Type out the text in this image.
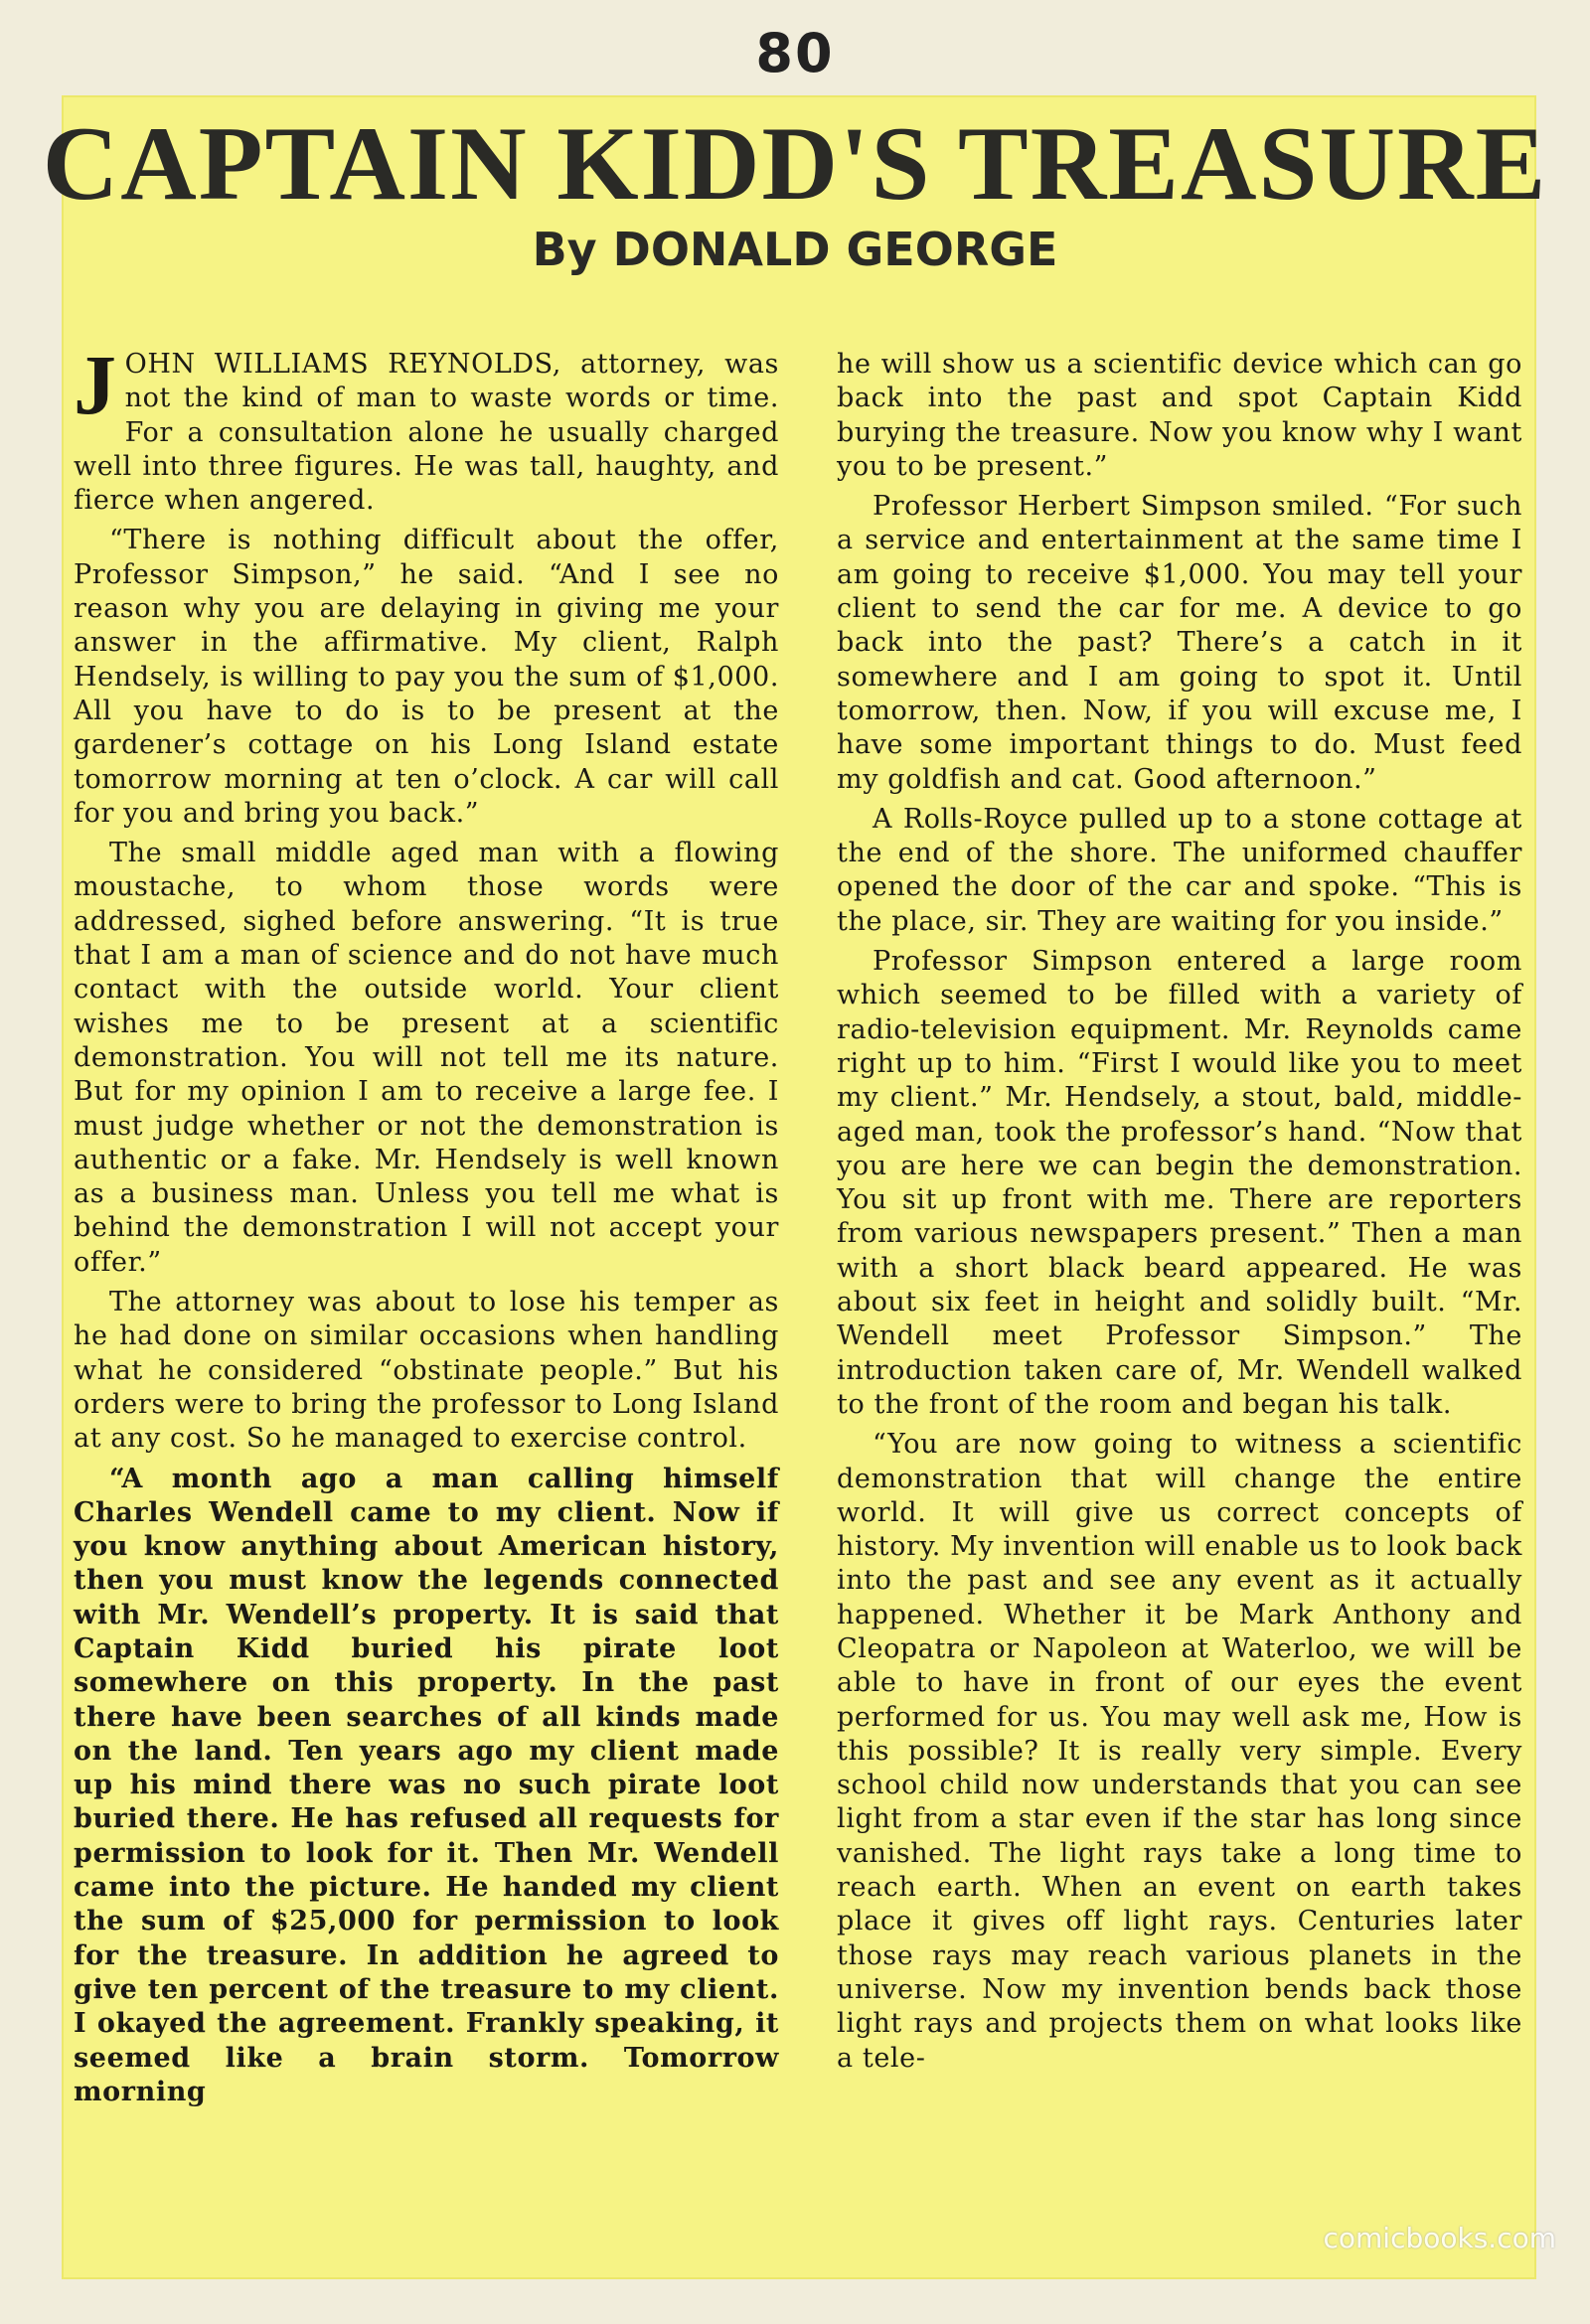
80
CAPTAIN KIDD'S TREASURE
By DONALD GEORGE

JOHN WILLIAMS REYNOLDS, attorney, was not the kind of man to waste words or time. For a consultation alone he usually charged well into three figures. He was tall, haughty, and fierce when angered.

“There is nothing difficult about the offer, Professor Simpson,” he said. “And I see no reason why you are delaying in giving me your answer in the affirmative. My client, Ralph Hendsely, is willing to pay you the sum of $1,000. All you have to do is to be present at the gardener’s cottage on his Long Island estate tomorrow morning at ten o’clock. A car will call for you and bring you back.”

The small middle aged man with a flowing moustache, to whom those words were addressed, sighed before answering. “It is true that I am a man of science and do not have much contact with the outside world. Your client wishes me to be present at a scientific demonstration. You will not tell me its nature. But for my opinion I am to receive a large fee. I must judge whether or not the demonstration is authentic or a fake. Mr. Hendsely is well known as a business man. Unless you tell me what is behind the demonstration I will not accept your offer.”

The attorney was about to lose his temper as he had done on similar occasions when handling what he considered “obstinate people.” But his orders were to bring the professor to Long Island at any cost. So he managed to exercise control.

“A month ago a man calling himself Charles Wendell came to my client. Now if you know anything about American history, then you must know the legends connected with Mr. Wendell’s property. It is said that Captain Kidd buried his pirate loot somewhere on this property. In the past there have been searches of all kinds made on the land. Ten years ago my client made up his mind there was no such pirate loot buried there. He has refused all requests for permission to look for it. Then Mr. Wendell came into the picture. He handed my client the sum of $25,000 for permission to look for the treasure. In addition he agreed to give ten percent of the treasure to my client. I okayed the agreement. Frankly speaking, it seemed like a brain storm. Tomorrow morning

he will show us a scientific device which can go back into the past and spot Captain Kidd burying the treasure. Now you know why I want you to be present.”

Professor Herbert Simpson smiled. “For such a service and entertainment at the same time I am going to receive $1,000. You may tell your client to send the car for me. A device to go back into the past? There’s a catch in it somewhere and I am going to spot it. Until tomorrow, then. Now, if you will excuse me, I have some important things to do. Must feed my goldfish and cat. Good afternoon.”

A Rolls-Royce pulled up to a stone cottage at the end of the shore. The uniformed chauffer opened the door of the car and spoke. “This is the place, sir. They are waiting for you inside.”

Professor Simpson entered a large room which seemed to be filled with a variety of radio-television equipment. Mr. Reynolds came right up to him. “First I would like you to meet my client.” Mr. Hendsely, a stout, bald, middle-aged man, took the professor’s hand. “Now that you are here we can begin the demonstration. You sit up front with me. There are reporters from various newspapers present.” Then a man with a short black beard appeared. He was about six feet in height and solidly built. “Mr. Wendell meet Professor Simpson.” The introduction taken care of, Mr. Wendell walked to the front of the room and began his talk.

“You are now going to witness a scientific demonstration that will change the entire world. It will give us correct concepts of history. My invention will enable us to look back into the past and see any event as it actually happened. Whether it be Mark Anthony and Cleopatra or Napoleon at Waterloo, we will be able to have in front of our eyes the event performed for us. You may well ask me, How is this possible? It is really very simple. Every school child now understands that you can see light from a star even if the star has long since vanished. The light rays take a long time to reach earth. When an event on earth takes place it gives off light rays. Centuries later those rays may reach various planets in the universe. Now my invention bends back those light rays and projects them on what looks like a tele-

comicbooks.com
